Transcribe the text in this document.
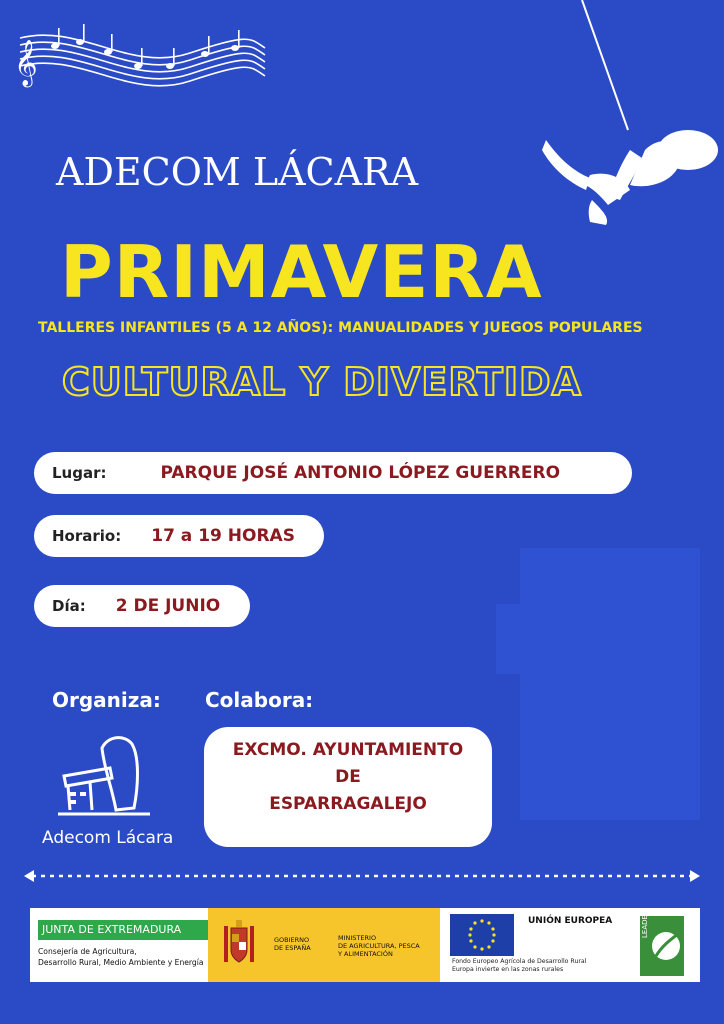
𝄞
ADECOM LÁCARA
PRIMAVERA
TALLERES INFANTILES (5 A 12 AÑOS): MANUALIDADES Y JUEGOS POPULARES
CULTURAL Y DIVERTIDA
Lugar:	PARQUE JOSÉ ANTONIO LÓPEZ GUERRERO
Horario: 17 a 19 HORAS
Día: 2 DE JUNIO
Organiza: Colabora:
Adecom Lácara
EXCMO. AYUNTAMIENTO
DE
ESPARRAGALEJO
JUNTA DE EXTREMADURA
Consejería de Agricultura,
Desarrollo Rural, Medio Ambiente y Energía
GOBIERNO
DE ESPAÑA
MINISTERIO
DE AGRICULTURA, PESCA
Y ALIMENTACIÓN
UNIÓN EUROPEA
Fondo Europeo Agrícola de Desarrollo Rural
Europa invierte en las zonas rurales
LEADER
